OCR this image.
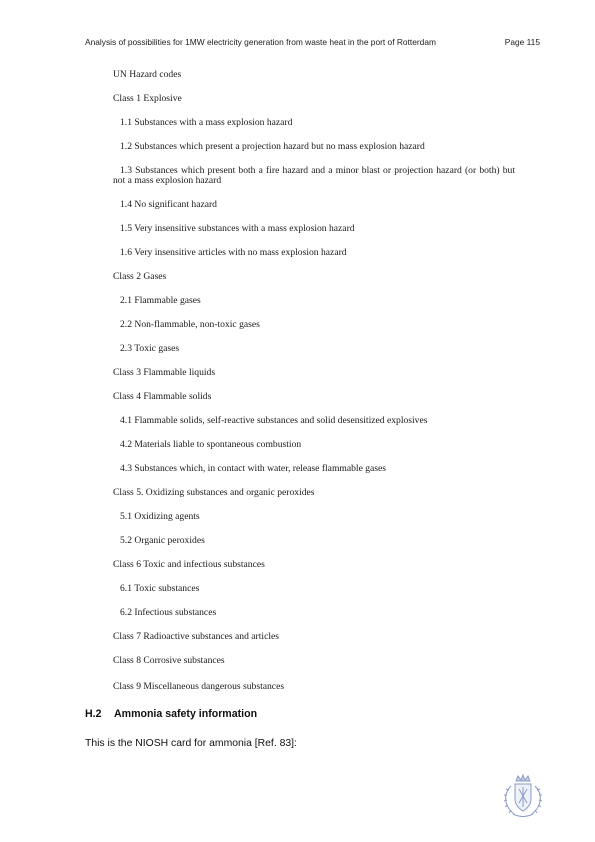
Analysis of possibilities for 1MW electricity generation from waste heat in the port of Rotterdam	Page 115
UN Hazard codes
Class 1 Explosive
1.1 Substances with a mass explosion hazard
1.2 Substances which present a projection hazard but no mass explosion hazard
1.3 Substances which present both a fire hazard and a minor blast or projection hazard (or both) but not a mass explosion hazard
1.4 No significant hazard
1.5 Very insensitive substances with a mass explosion hazard
1.6 Very insensitive articles with no mass explosion hazard
Class 2 Gases
2.1 Flammable gases
2.2 Non-flammable, non-toxic gases
2.3 Toxic gases
Class 3 Flammable liquids
Class 4 Flammable solids
4.1 Flammable solids, self-reactive substances and solid desensitized explosives
4.2 Materials liable to spontaneous combustion
4.3 Substances which, in contact with water, release flammable gases
Class 5. Oxidizing substances and organic peroxides
5.1 Oxidizing agents
5.2 Organic peroxides
Class 6 Toxic and infectious substances
6.1 Toxic substances
6.2 Infectious substances
Class 7 Radioactive substances and articles
Class 8 Corrosive substances
Class 9 Miscellaneous dangerous substances
H.2 Ammonia safety information
This is the NIOSH card for ammonia [Ref. 83]:
